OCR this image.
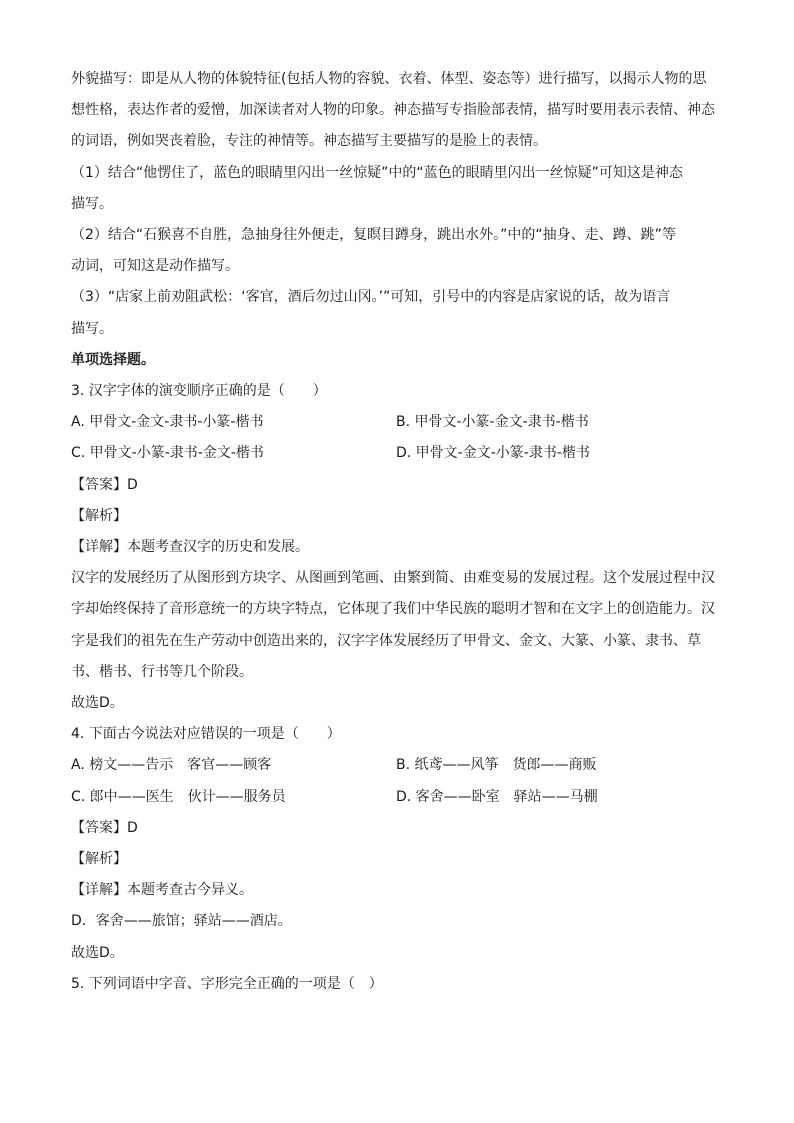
外貌描写：即是从人物的体貌特征(包括人物的容貌、衣着、体型、姿态等）进行描写，以揭示人物的思

想性格，表达作者的爱憎，加深读者对人物的印象。神态描写专指脸部表情，描写时要用表示表情、神态

的词语，例如哭丧着脸，专注的神情等。神态描写主要描写的是脸上的表情。

（1）结合“他愣住了，蓝色的眼睛里闪出一丝惊疑”中的“蓝色的眼睛里闪出一丝惊疑”可知这是神态

描写。

（2）结合“石猴喜不自胜，急抽身往外便走，复瞑目蹲身，跳出水外。”中的“抽身、走、蹲、跳”等

动词，可知这是动作描写。

（3）“店家上前劝阻武松：‘客官，酒后勿过山冈。’”可知，引号中的内容是店家说的话，故为语言

描写。

单项选择题。

3. 汉字字体的演变顺序正确的是（　　）

A. 甲骨文-金文-隶书-小篆-楷书	B. 甲骨文-小篆-金文-隶书-楷书
C. 甲骨文-小篆-隶书-金文-楷书	D. 甲骨文-金文-小篆-隶书-楷书

【答案】D

【解析】

【详解】本题考查汉字的历史和发展。

汉字的发展经历了从图形到方块字、从图画到笔画、由繁到简、由难变易的发展过程。这个发展过程中汉

字却始终保持了音形意统一的方块字特点，它体现了我们中华民族的聪明才智和在文字上的创造能力。汉

字是我们的祖先在生产劳动中创造出来的，汉字字体发展经历了甲骨文、金文、大篆、小篆、隶书、草

书、楷书、行书等几个阶段。

故选D。

4. 下面古今说法对应错误的一项是（　　）

A. 榜文——告示　客官——顾客	B. 纸鸢——风筝　货郎——商贩
C. 郎中——医生　伙计——服务员	D. 客舍——卧室　驿站——马棚

【答案】D

【解析】

【详解】本题考查古今异义。

D．客舍——旅馆；驿站——酒店。

故选D。

5. 下列词语中字音、字形完全正确的一项是（　）
